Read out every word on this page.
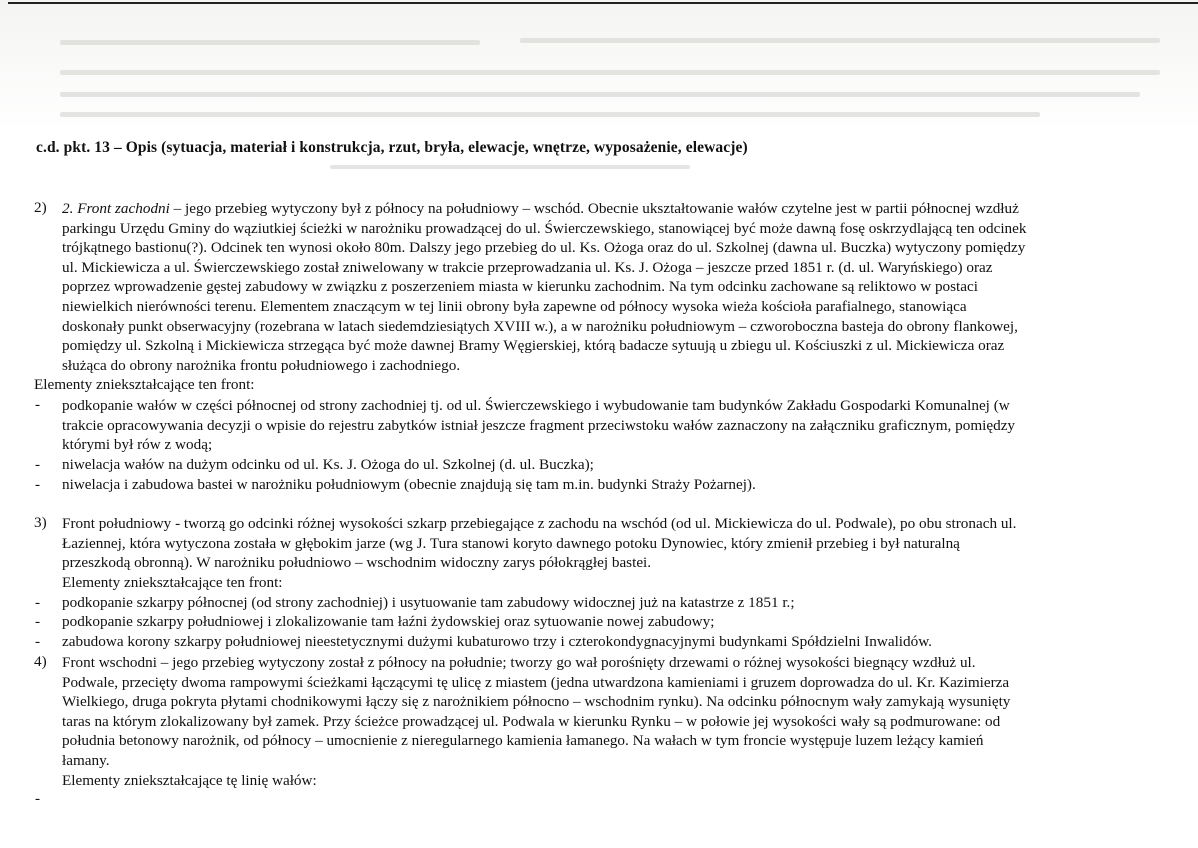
c.d. pkt. 13 – Opis (sytuacja, materiał i konstrukcja, rzut, bryła, elewacje, wnętrze, wyposażenie, elewacje)
2) 2. Front zachodni – jego przebieg wytyczony był z północy na południowy – wschód. Obecnie ukształtowanie wałów czytelne jest w partii północnej wzdłuż
parkingu Urzędu Gminy do wąziutkiej ścieżki w narożniku prowadzącej do ul. Świerczewskiego, stanowiącej być może dawną fosę oskrzydlającą ten odcinek
trójkątnego bastionu(?). Odcinek ten wynosi około 80m. Dalszy jego przebieg do ul. Ks. Ożoga oraz do ul. Szkolnej (dawna ul. Buczka) wytyczony pomiędzy
ul. Mickiewicza a ul. Świerczewskiego został zniwelowany w trakcie przeprowadzania ul. Ks. J. Ożoga – jeszcze przed 1851 r. (d. ul. Waryńskiego) oraz
poprzez wprowadzenie gęstej zabudowy w związku z poszerzeniem miasta w kierunku zachodnim. Na tym odcinku zachowane są reliktowo w postaci
niewielkich nierówności terenu. Elementem znaczącym w tej linii obrony była zapewne od północy wysoka wieża kościoła parafialnego, stanowiąca
doskonały punkt obserwacyjny (rozebrana w latach siedemdziesiątych XVIII w.), a w narożniku południowym – czworoboczna basteja do obrony flankowej,
pomiędzy ul. Szkolną i Mickiewicza strzegąca być może dawnej Bramy Węgierskiej, którą badacze sytuują u zbiegu ul. Kościuszki z ul. Mickiewicza oraz
służąca do obrony narożnika frontu południowego i zachodniego.
Elementy zniekształcające ten front:
- podkopanie wałów w części północnej od strony zachodniej tj. od ul. Świerczewskiego i wybudowanie tam budynków Zakładu Gospodarki Komunalnej (w
trakcie opracowywania decyzji o wpisie do rejestru zabytków istniał jeszcze fragment przeciwstoku wałów zaznaczony na załączniku graficznym, pomiędzy
którymi był rów z wodą;
- niwelacja wałów na dużym odcinku od ul. Ks. J. Ożoga do ul. Szkolnej (d. ul. Buczka);
- niwelacja i zabudowa bastei w narożniku południowym (obecnie znajdują się tam m.in. budynki Straży Pożarnej).
3) Front południowy - tworzą go odcinki różnej wysokości szkarp przebiegające z zachodu na wschód (od ul. Mickiewicza do ul. Podwale), po obu stronach ul.
Łaziennej, która wytyczona została w głębokim jarze (wg J. Tura stanowi koryto dawnego potoku Dynowiec, który zmienił przebieg i był naturalną
przeszkodą obronną). W narożniku południowo – wschodnim widoczny zarys półokrągłej bastei.
Elementy zniekształcające ten front:
- podkopanie szkarpy północnej (od strony zachodniej) i usytuowanie tam zabudowy widocznej już na katastrze z 1851 r.;
- podkopanie szkarpy południowej i zlokalizowanie tam łaźni żydowskiej oraz sytuowanie nowej zabudowy;
- zabudowa korony szkarpy południowej nieestetycznymi dużymi kubaturowo trzy i czterokondygnacyjnymi budynkami Spółdzielni Inwalidów.
4) Front wschodni – jego przebieg wytyczony został z północy na południe; tworzy go wał porośnięty drzewami o różnej wysokości biegnący wzdłuż ul.
Podwale, przecięty dwoma rampowymi ścieżkami łączącymi tę ulicę z miastem (jedna utwardzona kamieniami i gruzem doprowadza do ul. Kr. Kazimierza
Wielkiego, druga pokryta płytami chodnikowymi łączy się z narożnikiem północno – wschodnim rynku). Na odcinku północnym wały zamykają wysunięty
taras na którym zlokalizowany był zamek. Przy ścieżce prowadzącej ul. Podwala w kierunku Rynku – w połowie jej wysokości wały są podmurowane: od
południa betonowy narożnik, od północy – umocnienie z nieregularnego kamienia łamanego. Na wałach w tym froncie występuje luzem leżący kamień
łamany.
Elementy zniekształcające tę linię wałów:
-
